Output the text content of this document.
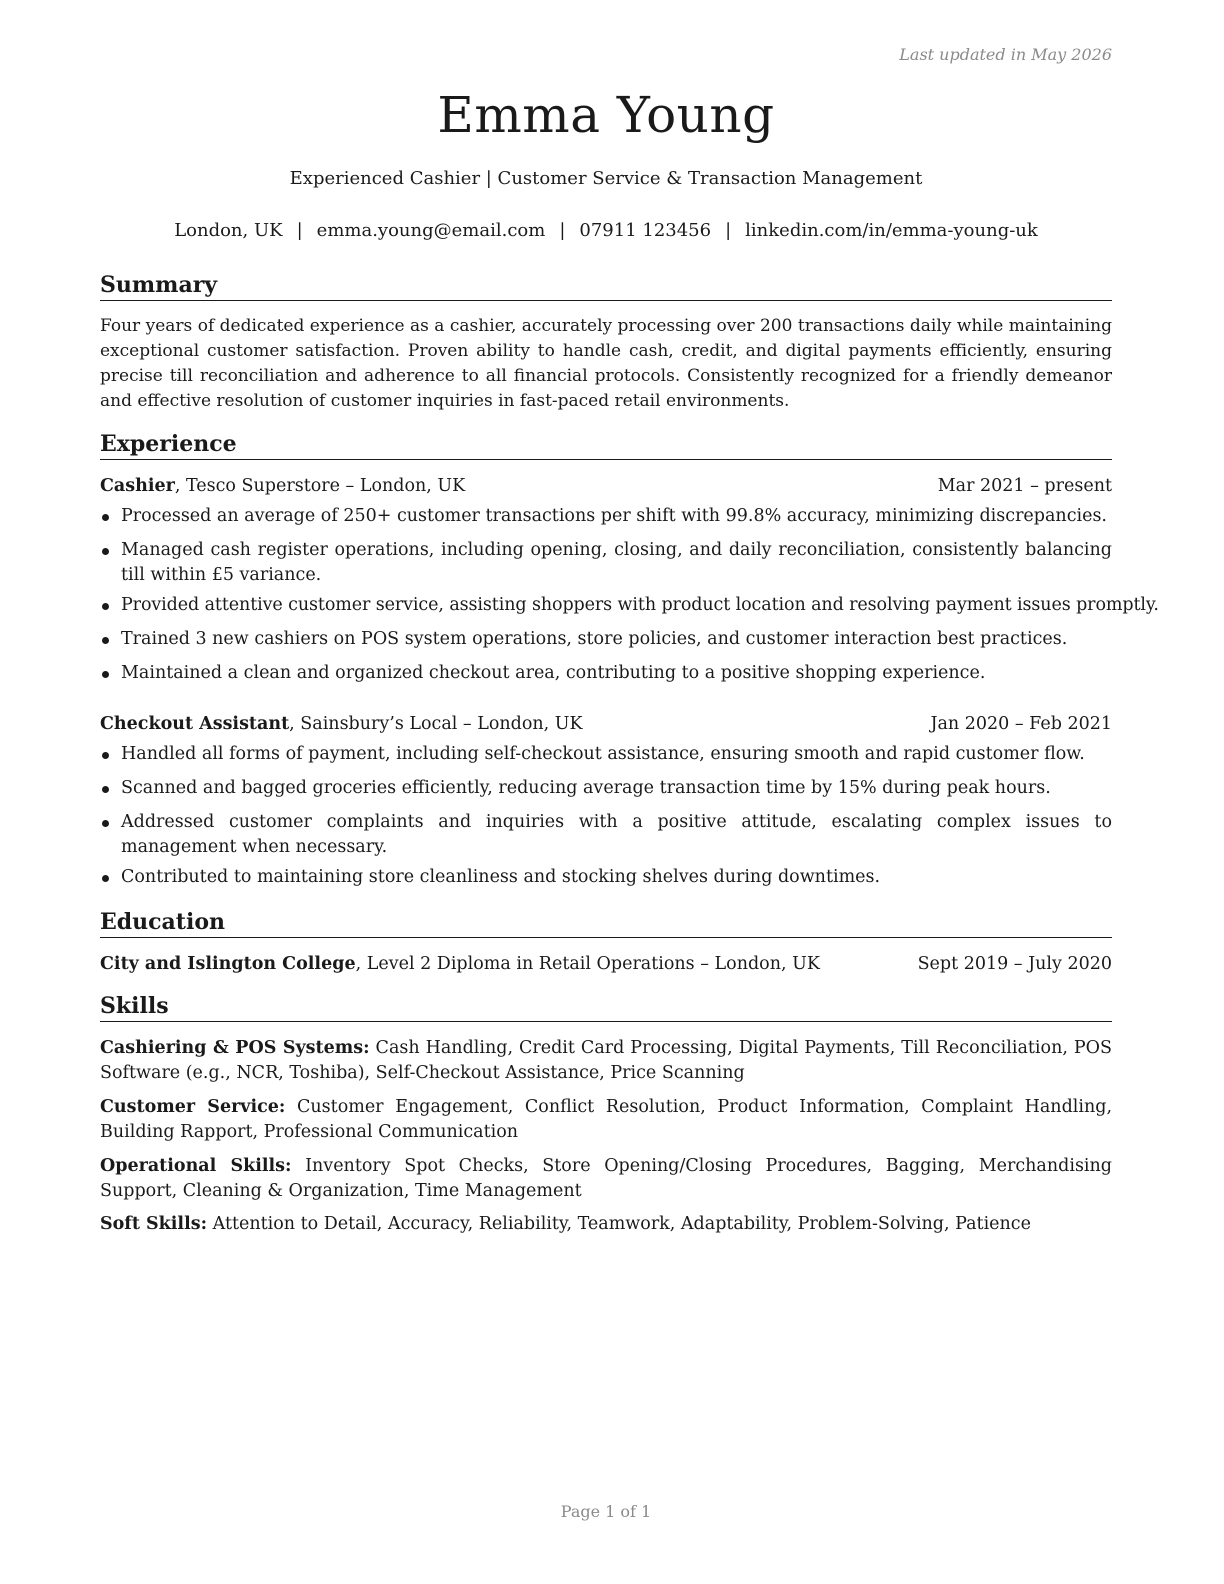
Last updated in May 2026
Emma Young
Experienced Cashier | Customer Service & Transaction Management
London, UK | emma.young@email.com | 07911 123456 | linkedin.com/in/emma-young-uk
Summary
Four years of dedicated experience as a cashier, accurately processing over 200 transactions daily while maintaining exceptional customer satisfaction. Proven ability to handle cash, credit, and digital payments efficiently, ensuring precise till reconciliation and adherence to all financial protocols. Consistently recognized for a friendly demeanor and effective resolution of customer inquiries in fast-paced retail environments.
Experience
Cashier, Tesco Superstore – London, UK	Mar 2021 – present
Processed an average of 250+ customer transactions per shift with 99.8% accuracy, minimizing discrepancies.
Managed cash register operations, including opening, closing, and daily reconciliation, consistently balancing till within £5 variance.
Provided attentive customer service, assisting shoppers with product location and resolving payment issues promptly.
Trained 3 new cashiers on POS system operations, store policies, and customer interaction best practices.
Maintained a clean and organized checkout area, contributing to a positive shopping experience.
Checkout Assistant, Sainsbury’s Local – London, UK	Jan 2020 – Feb 2021
Handled all forms of payment, including self-checkout assistance, ensuring smooth and rapid customer flow.
Scanned and bagged groceries efficiently, reducing average transaction time by 15% during peak hours.
Addressed customer complaints and inquiries with a positive attitude, escalating complex issues to management when necessary.
Contributed to maintaining store cleanliness and stocking shelves during downtimes.
Education
City and Islington College, Level 2 Diploma in Retail Operations – London, UK	Sept 2019 – July 2020
Skills
Cashiering & POS Systems: Cash Handling, Credit Card Processing, Digital Payments, Till Reconciliation, POS Software (e.g., NCR, Toshiba), Self-Checkout Assistance, Price Scanning
Customer Service: Customer Engagement, Conflict Resolution, Product Information, Complaint Handling, Building Rapport, Professional Communication
Operational Skills: Inventory Spot Checks, Store Opening/Closing Procedures, Bagging, Merchandising Support, Cleaning & Organization, Time Management
Soft Skills: Attention to Detail, Accuracy, Reliability, Teamwork, Adaptability, Problem-Solving, Patience
Page 1 of 1
